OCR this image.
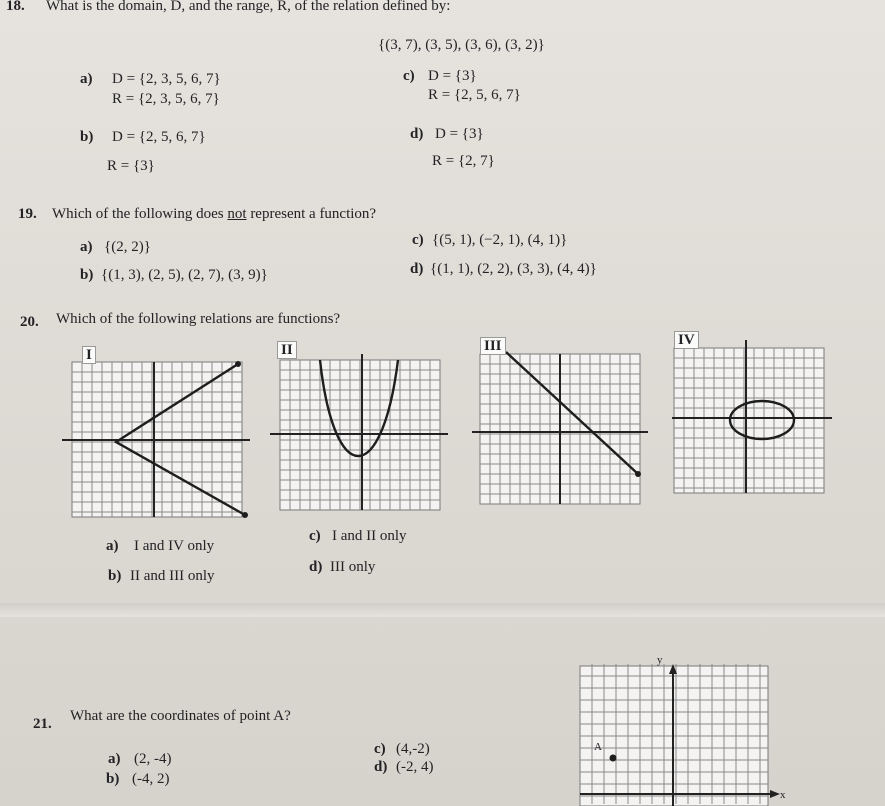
18. What is the domain, D, and the range, R, of the relation defined by:
{(3, 7), (3, 5), (3, 6), (3, 2)}
a) D = {2, 3, 5, 6, 7}
R = {2, 3, 5, 6, 7}
b) D = {2, 5, 6, 7}
R = {3}
c) D = {3}
R = {2, 5, 6, 7}
d) D = {3}
R = {2, 7}
19. Which of the following does not represent a function?
a) {(2, 2)}
b) {(1, 3), (2, 5), (2, 7), (3, 9)}
c) {(5, 1), (−2, 1), (4, 1)}
d) {(1, 1), (2, 2), (3, 3), (4, 4)}
20. Which of the following relations are functions?
I	II	III	IV
a) I and IV only
b) II and III only
c) I and II only
d) III only
21. What are the coordinates of point A?
a) (2, -4)
b) (-4, 2)
c) (4,-2)
d) (-2, 4)
y
x
A
